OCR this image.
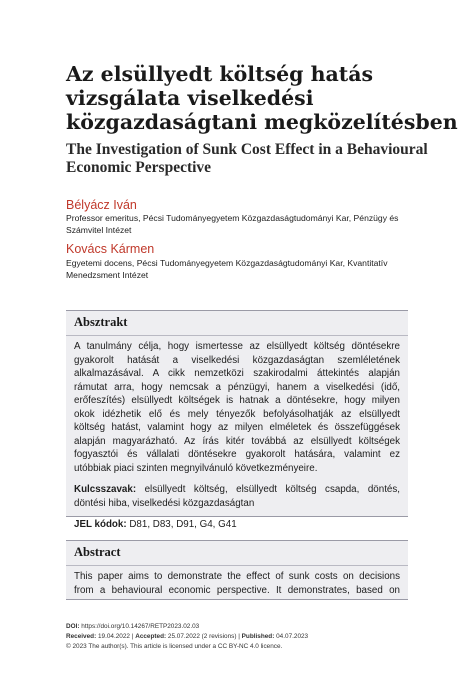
Az elsüllyedt költség hatás
vizsgálata viselkedési
közgazdaságtani megközelítésben
The Investigation of Sunk Cost Effect in a Behavioural
Economic Perspective
Bélyácz Iván
Professor emeritus, Pécsi Tudományegyetem Közgazdaságtudományi Kar, Pénzügy és
Számvitel Intézet
Kovács Kármen
Egyetemi docens, Pécsi Tudományegyetem Közgazdaságtudományi Kar, Kvantitatív
Menedzsment Intézet
Absztrakt
A tanulmány célja, hogy ismertesse az elsüllyedt költség döntésekre
gyakorolt hatását a viselkedési közgazdaságtan szemléletének
alkalmazásával. A cikk nemzetközi szakirodalmi áttekintés alapján
rámutat arra, hogy nemcsak a pénzügyi, hanem a viselkedési (idő,
erőfeszítés) elsüllyedt költségek is hatnak a döntésekre, hogy milyen
okok idézhetik elő és mely tényezők befolyásolhatják az elsüllyedt
költség hatást, valamint hogy az milyen elméletek és összefüggések
alapján magyarázható. Az írás kitér továbbá az elsüllyedt költségek
fogyasztói és vállalati döntésekre gyakorolt hatására, valamint ez
utóbbiak piaci szinten megnyilvánuló következményeire.
Kulcsszavak: elsüllyedt költség, elsüllyedt költség csapda, döntés,
döntési hiba, viselkedési közgazdaságtan
JEL kódok: D81, D83, D91, G4, G41
Abstract
This paper aims to demonstrate the effect of sunk costs on decisions
from a behavioural economic perspective. It demonstrates, based on
DOI: https://doi.org/10.14267/RETP2023.02.03
Received: 19.04.2022 | Accepted: 25.07.2022 (2 revisions) | Published: 04.07.2023
© 2023 The author(s). This article is licensed under a CC BY-NC 4.0 licence.
